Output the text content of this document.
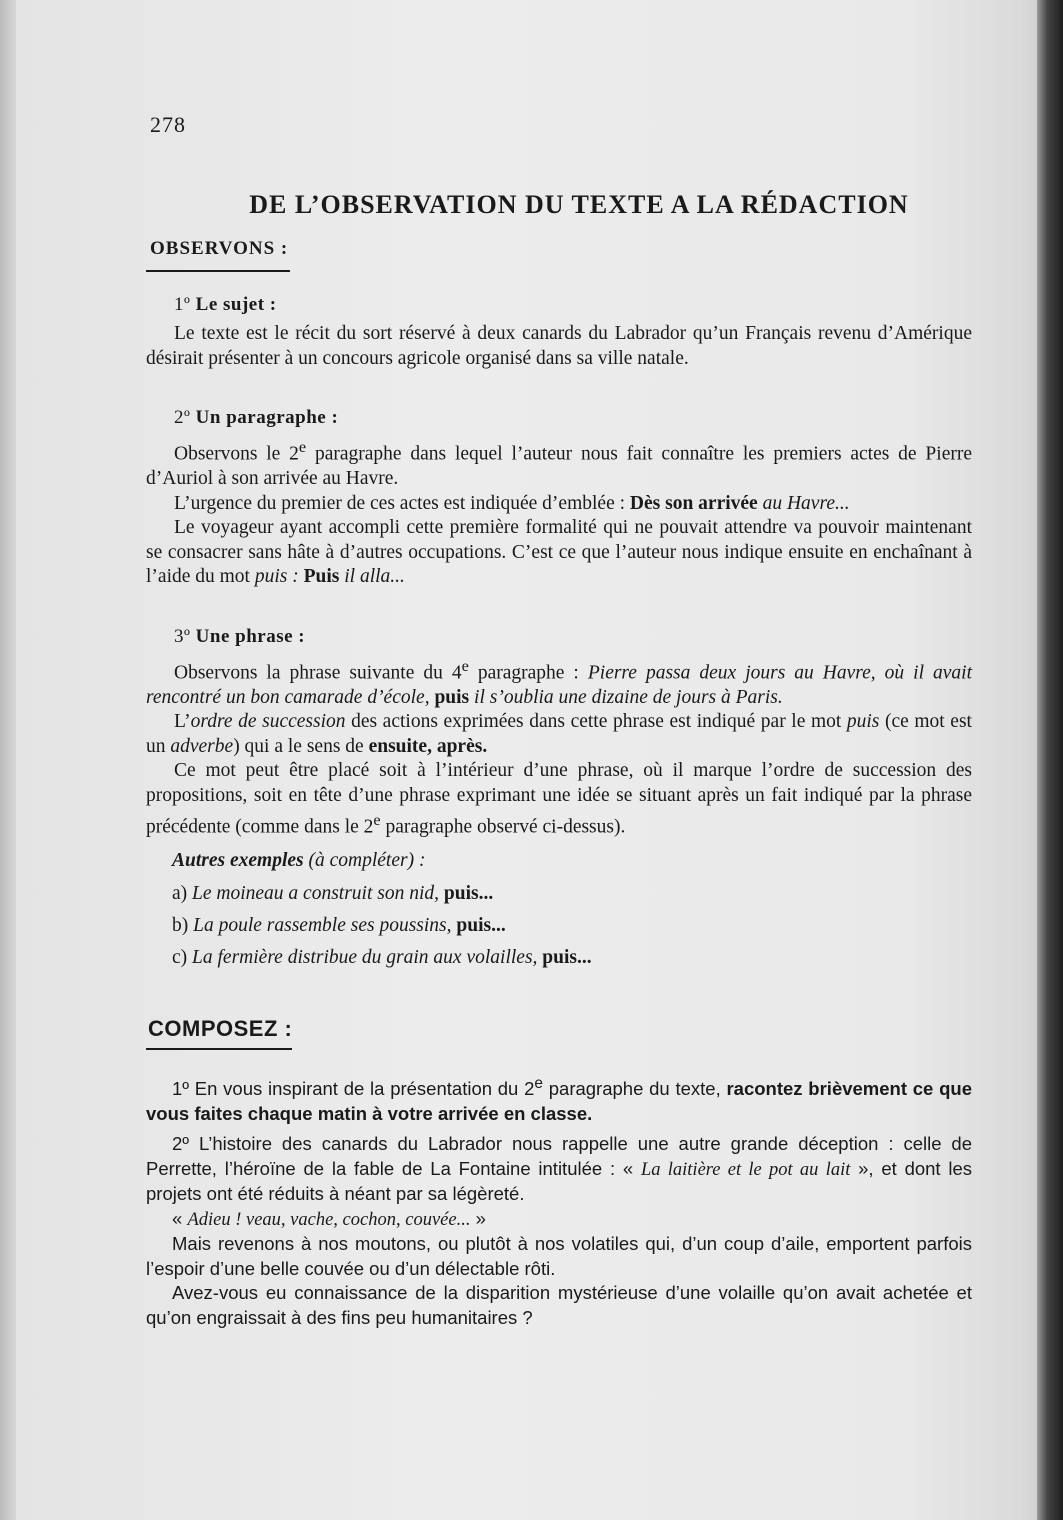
278
DE L’OBSERVATION DU TEXTE A LA RÉDACTION
OBSERVONS :
1º Le sujet :

Le texte est le récit du sort réservé à deux canards du Labrador qu’un Français revenu d’Amérique désirait présenter à un concours agricole organisé dans sa ville natale.

2º Un paragraphe :

Observons le 2e paragraphe dans lequel l’auteur nous fait connaître les premiers actes de Pierre d’Auriol à son arrivée au Havre.

L’urgence du premier de ces actes est indiquée d’emblée : Dès son arrivée au Havre...

Le voyageur ayant accompli cette première formalité qui ne pouvait attendre va pouvoir maintenant se consacrer sans hâte à d’autres occupations. C’est ce que l’auteur nous indique ensuite en enchaînant à l’aide du mot puis : Puis il alla...

3º Une phrase :

Observons la phrase suivante du 4e paragraphe : Pierre passa deux jours au Havre, où il avait rencontré un bon camarade d’école, puis il s’oublia une dizaine de jours à Paris.

L’ordre de succession des actions exprimées dans cette phrase est indiqué par le mot puis (ce mot est un adverbe) qui a le sens de ensuite, après.

Ce mot peut être placé soit à l’intérieur d’une phrase, où il marque l’ordre de succession des propositions, soit en tête d’une phrase exprimant une idée se situant après un fait indiqué par la phrase précédente (comme dans le 2e paragraphe observé ci-dessus).

Autres exemples (à compléter) :
a) Le moineau a construit son nid, puis...
b) La poule rassemble ses poussins, puis...
c) La fermière distribue du grain aux volailles, puis...
COMPOSEZ :

1º En vous inspirant de la présentation du 2e paragraphe du texte, racontez brièvement ce que vous faites chaque matin à votre arrivée en classe.

2º L’histoire des canards du Labrador nous rappelle une autre grande déception : celle de Perrette, l’héroïne de la fable de La Fontaine intitulée : « La laitière et le pot au lait », et dont les projets ont été réduits à néant par sa légèreté.

« Adieu ! veau, vache, cochon, couvée... »

Mais revenons à nos moutons, ou plutôt à nos volatiles qui, d’un coup d’aile, emportent parfois l’espoir d’une belle couvée ou d’un délectable rôti.

Avez-vous eu connaissance de la disparition mystérieuse d’une volaille qu’on avait achetée et qu’on engraissait à des fins peu humanitaires ?
